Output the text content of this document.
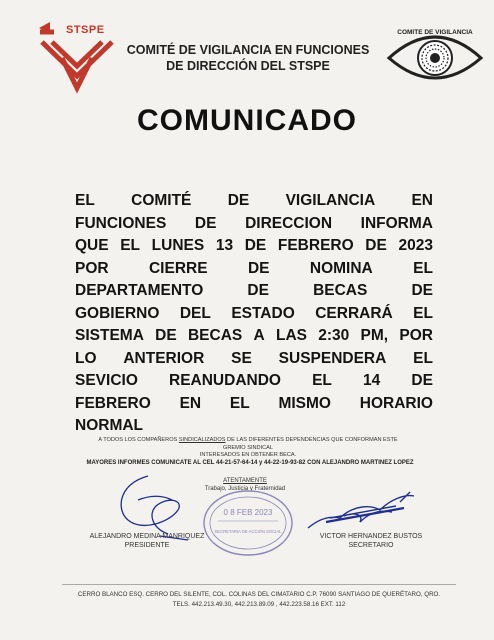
STSPE
COMITÉ DE VIGILANCIA EN FUNCIONES
DE DIRECCIÓN DEL STSPE
COMITE DE VIGILANCIA
COMUNICADO
EL COMITÉ DE VIGILANCIA EN
FUNCIONES DE DIRECCION INFORMA
QUE EL LUNES 13 DE FEBRERO DE 2023
POR	CIERRE	DE	NOMINA	EL
DEPARTAMENTO	DE	BECAS	DE
GOBIERNO DEL ESTADO CERRARÁ EL
SISTEMA DE BECAS A LAS 2:30 PM, POR
LO ANTERIOR SE SUSPENDERA EL
SEVICIO REANUDANDO EL 14 DE
FEBRERO EN EL MISMO HORARIO
NORMAL
A TODOS LOS COMPAÑEROS SINDICALIZADOS DE LAS DIFERENTES DEPENDENCIAS QUE CONFORMAN ESTE GREMIO SINDICAL
INTERESADOS EN OBTENER BECA.
MAYORES INFORMES COMUNICATE AL CEL 44-21-57-64-14 y 44-22-19-93-82 CON ALEJANDRO MARTINEZ LOPEZ
ATENTAMENTE
Trabajo, Justicia y Fraternidad
0 8 FEB 2023
SECRETARIA DE ACCIÓN SOCIAL
ALEJANDRO MEDINA MANRIQUEZ
PRESIDENTE
VICTOR HERNANDEZ BUSTOS
SECRETARIO
CERRO BLANCO ESQ. CERRO DEL SILENTE, COL. COLINAS DEL CIMATARIO C.P. 76090 SANTIAGO DE QUERÉTARO, QRO.
TELS. 442.213.49.30, 442.213.89.09 , 442.223.58.16 EXT. 112
